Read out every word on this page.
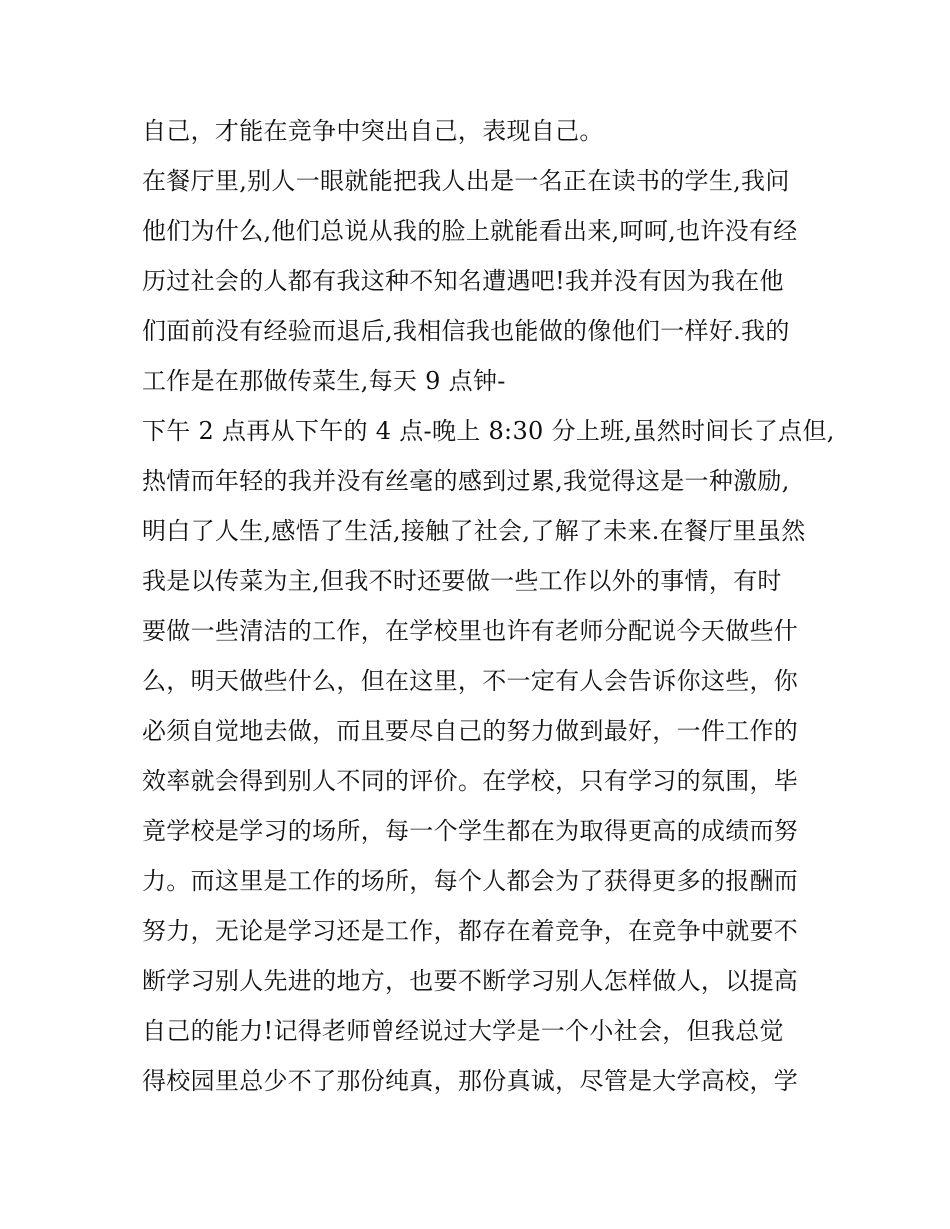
自己，才能在竞争中突出自己，表现自己。
在餐厅里,别人一眼就能把我人出是一名正在读书的学生,我问
他们为什么,他们总说从我的脸上就能看出来,呵呵,也许没有经
历过社会的人都有我这种不知名遭遇吧!我并没有因为我在他
们面前没有经验而退后,我相信我也能做的像他们一样好.我的
工作是在那做传菜生,每天 9 点钟-
下午 2 点再从下午的 4 点-晚上 8:30 分上班,虽然时间长了点但,
热情而年轻的我并没有丝毫的感到过累,我觉得这是一种激励,
明白了人生,感悟了生活,接触了社会,了解了未来.在餐厅里虽然
我是以传菜为主,但我不时还要做一些工作以外的事情，有时
要做一些清洁的工作，在学校里也许有老师分配说今天做些什
么，明天做些什么，但在这里，不一定有人会告诉你这些，你
必须自觉地去做，而且要尽自己的努力做到最好，一件工作的
效率就会得到别人不同的评价。在学校，只有学习的氛围，毕
竟学校是学习的场所，每一个学生都在为取得更高的成绩而努
力。而这里是工作的场所，每个人都会为了获得更多的报酬而
努力，无论是学习还是工作，都存在着竞争，在竞争中就要不
断学习别人先进的地方，也要不断学习别人怎样做人，以提高
自己的能力!记得老师曾经说过大学是一个小社会，但我总觉
得校园里总少不了那份纯真，那份真诚，尽管是大学高校，学
